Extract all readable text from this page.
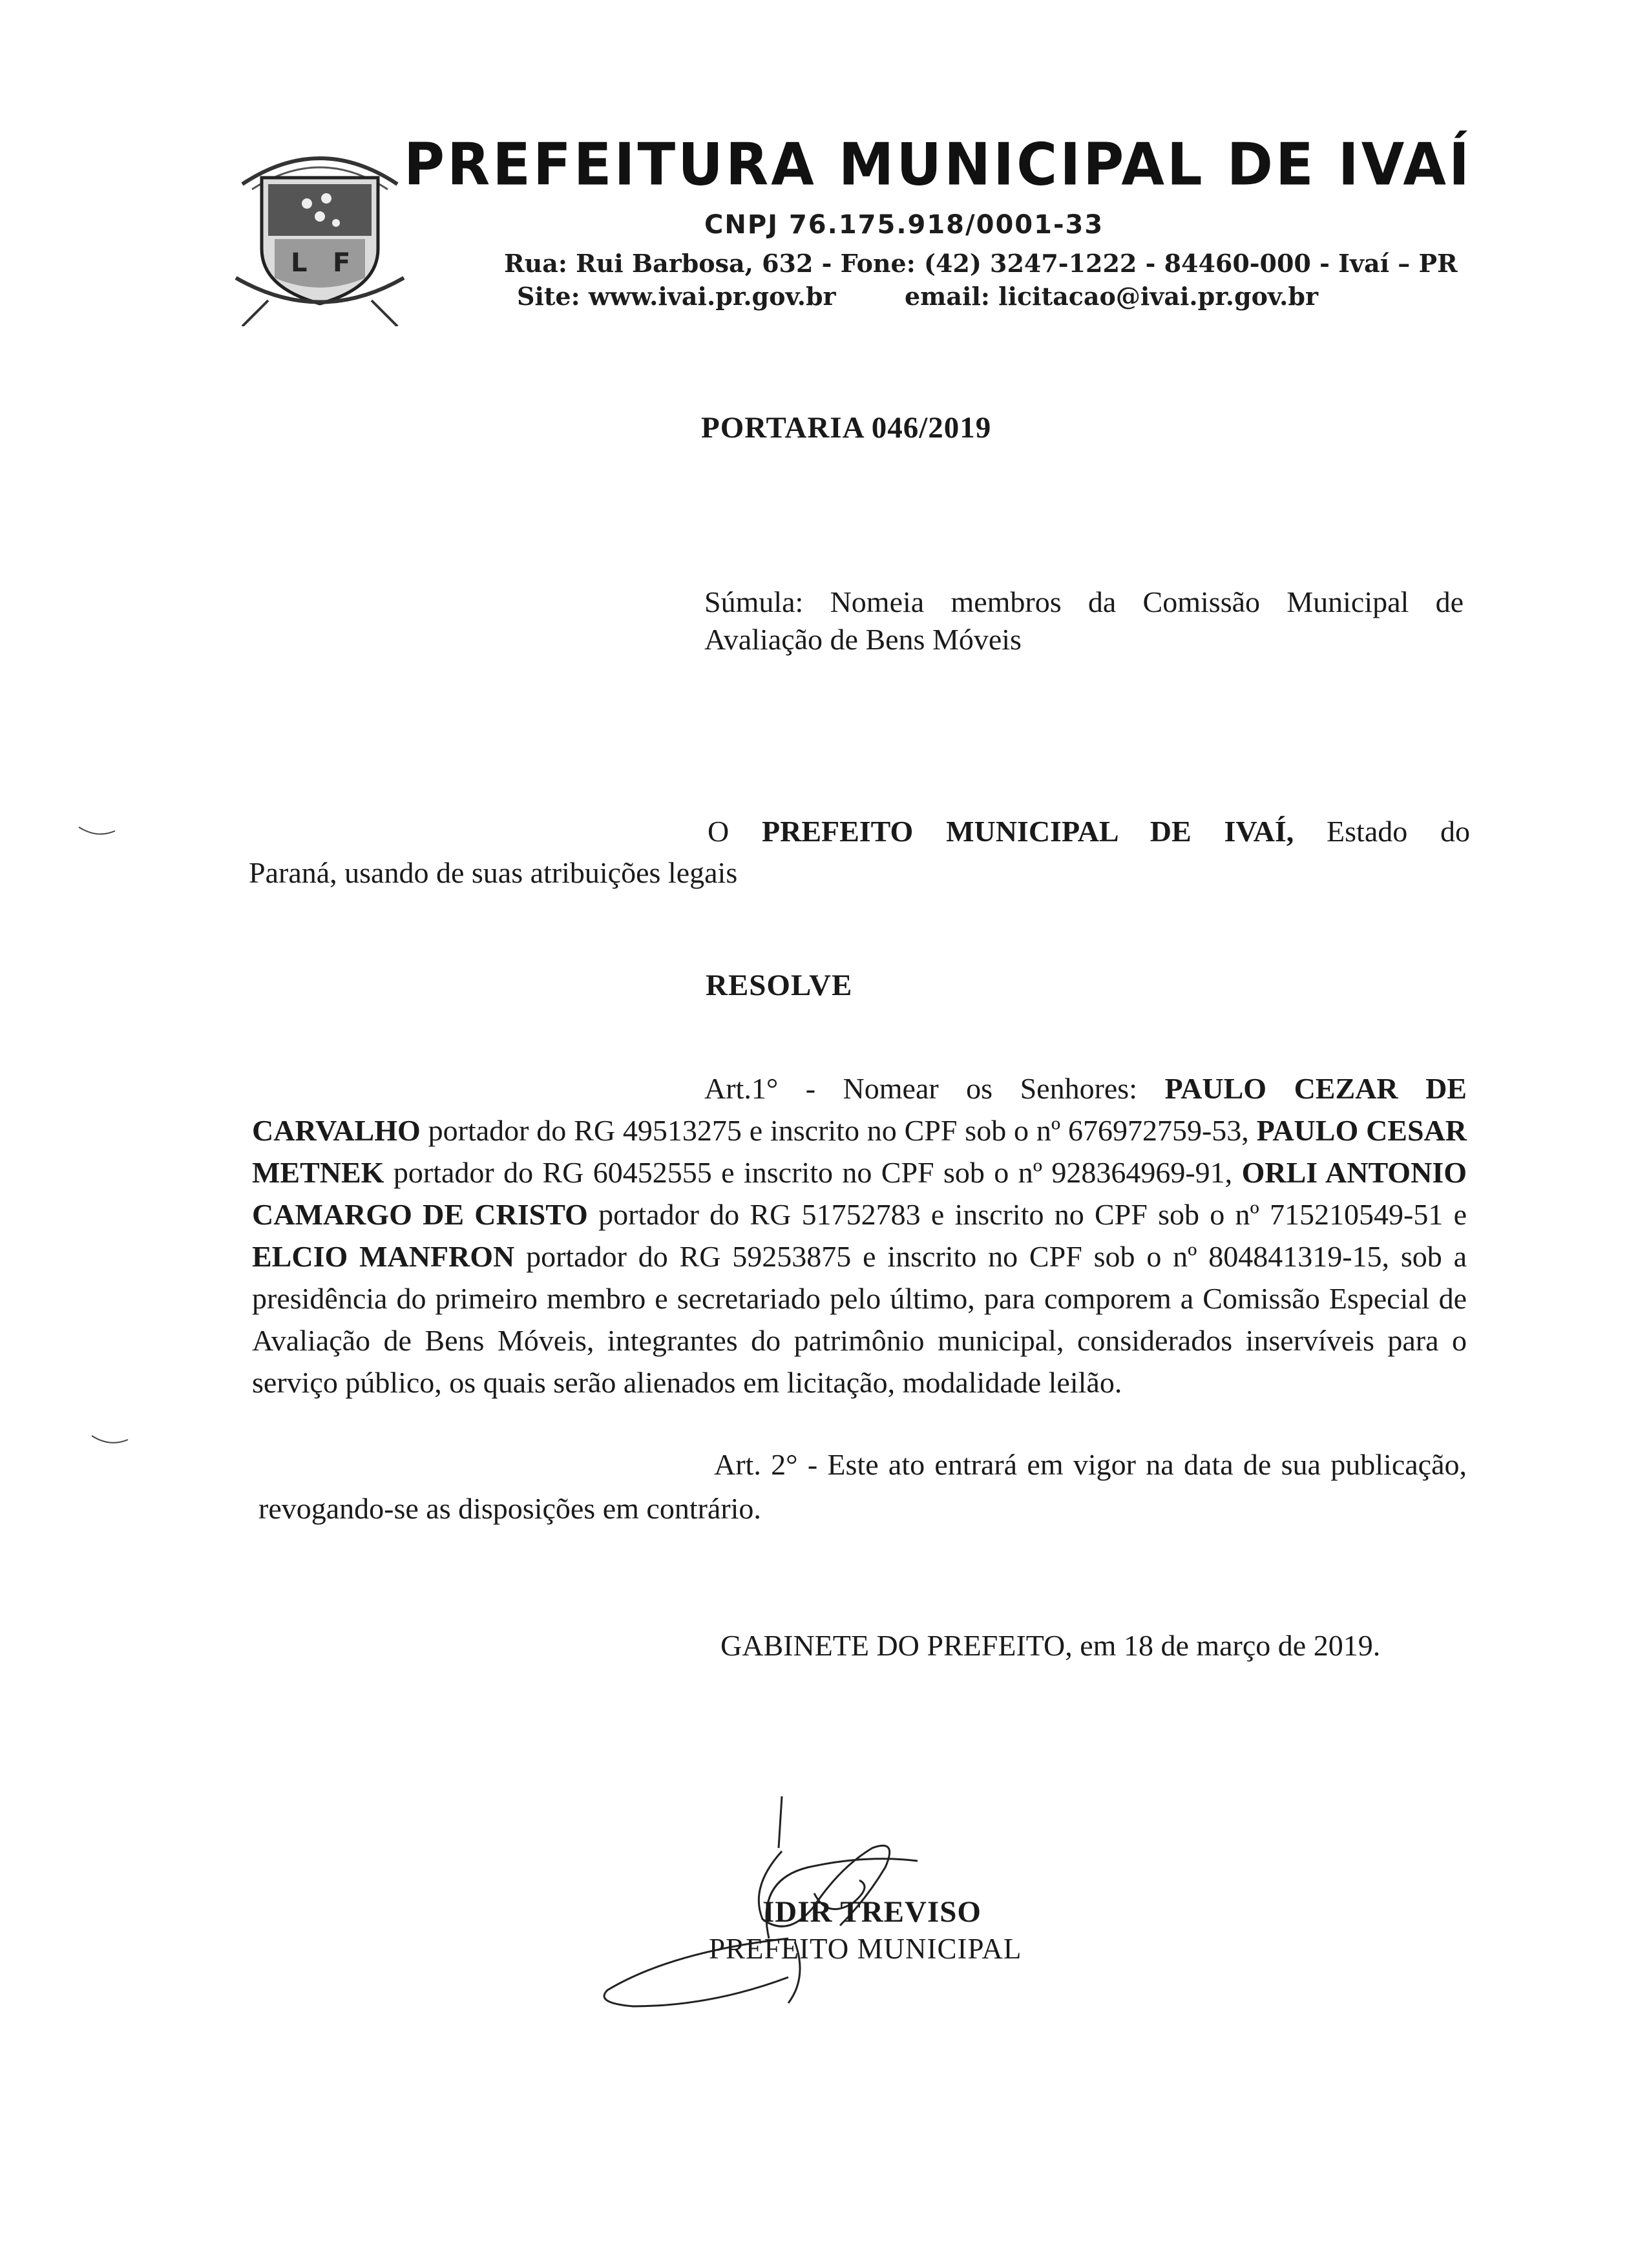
L F
PREFEITURA MUNICIPAL DE IVAÍ
CNPJ 76.175.918/0001-33
Rua: Rui Barbosa, 632 - Fone: (42) 3247-1222 - 84460-000 - Ivaí – PR
Site: www.ivai.pr.gov.br	email: licitacao@ivai.pr.gov.br
PORTARIA 046/2019
Súmula: Nomeia membros da Comissão Municipal de Avaliação de Bens Móveis
O PREFEITO MUNICIPAL DE IVAÍ, Estado do
Paraná, usando de suas atribuições legais
RESOLVE
Art.1° - Nomear os Senhores: PAULO CEZAR DE CARVALHO portador do RG 49513275 e inscrito no CPF sob o nº 676972759-53, PAULO CESAR METNEK portador do RG 60452555 e inscrito no CPF sob o nº 928364969-91, ORLI ANTONIO CAMARGO DE CRISTO portador do RG 51752783 e inscrito no CPF sob o nº 715210549-51 e ELCIO MANFRON portador do RG 59253875 e inscrito no CPF sob o nº 804841319-15, sob a presidência do primeiro membro e secretariado pelo último, para comporem a Comissão Especial de Avaliação de Bens Móveis, integrantes do patrimônio municipal, considerados inservíveis para o serviço público, os quais serão alienados em licitação, modalidade leilão.
Art. 2° - Este ato entrará em vigor na data de sua publicação, revogando-se as disposições em contrário.
GABINETE DO PREFEITO, em 18 de março de 2019.
IDIR TREVISO
PREFEITO MUNICIPAL
